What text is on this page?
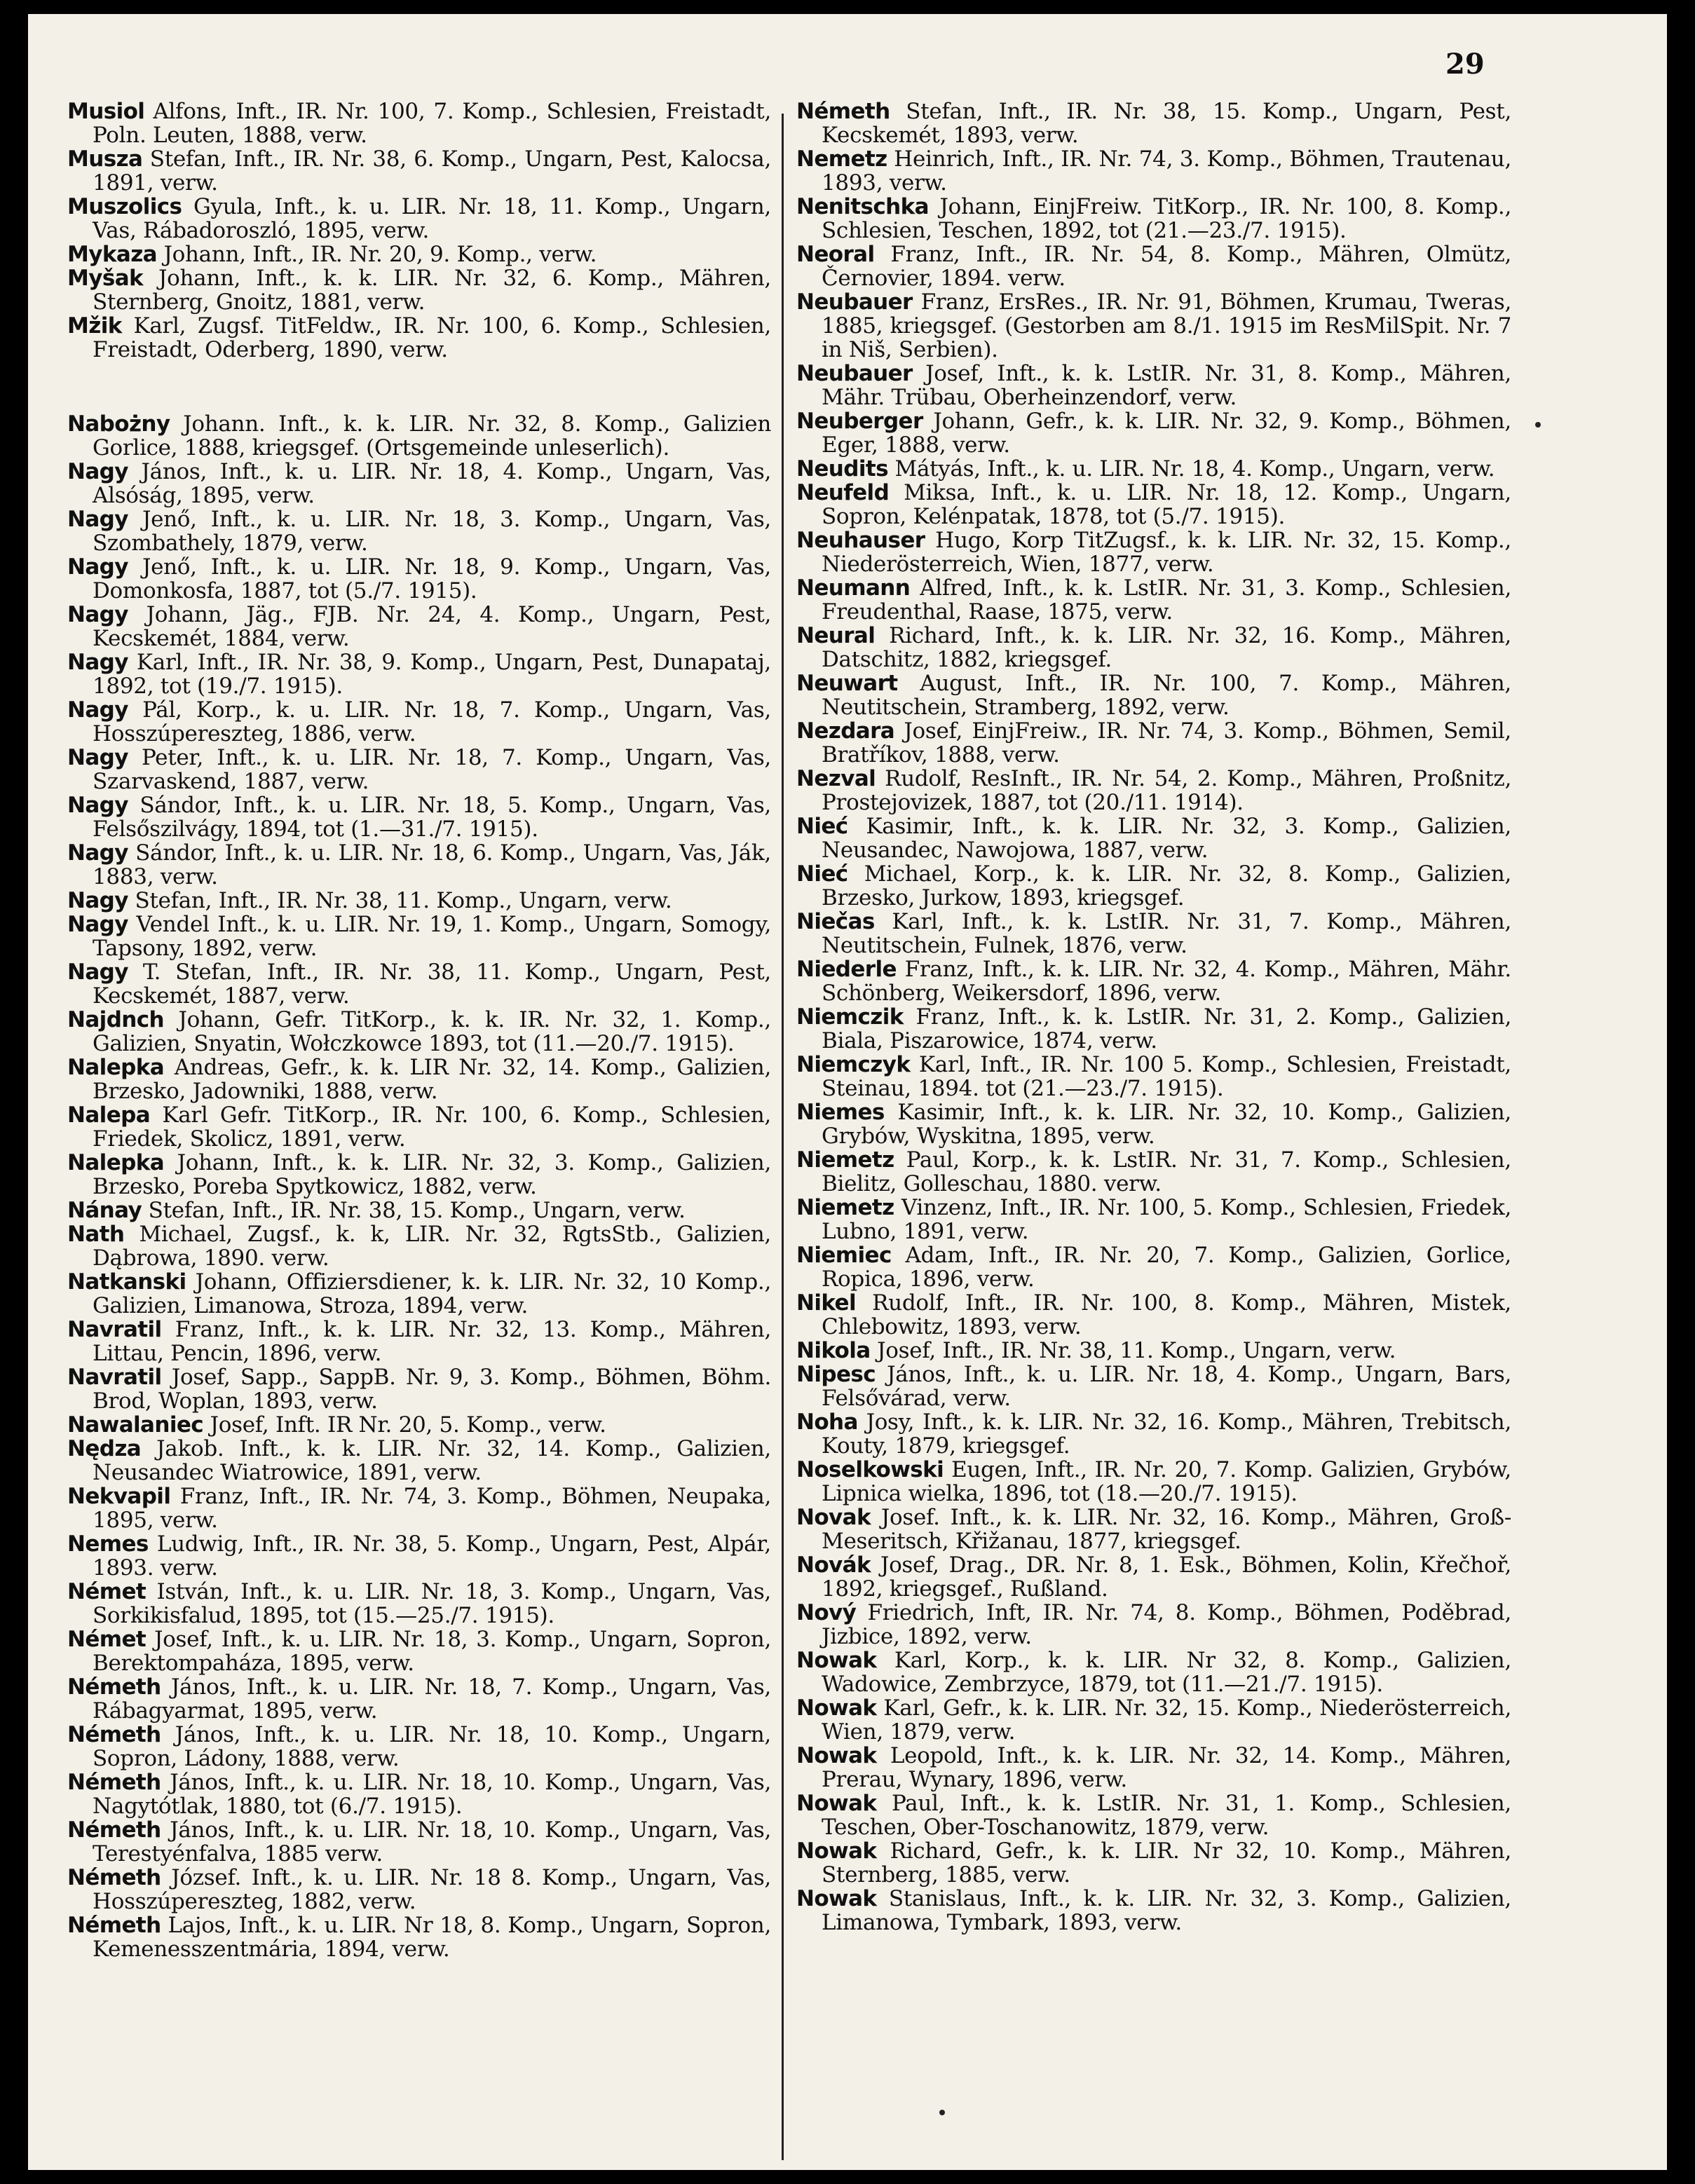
29
Musiol Alfons, Inft., IR. Nr. 100, 7. Komp., Schlesien, Freistadt, Poln. Leuten, 1888, verw.
Musza Stefan, Inft., IR. Nr. 38, 6. Komp., Ungarn, Pest, Kalocsa, 1891, verw.
Muszolics Gyula, Inft., k. u. LIR. Nr. 18, 11. Komp., Ungarn, Vas, Rábadoroszló, 1895, verw.
Mykaza Johann, Inft., IR. Nr. 20, 9. Komp., verw.
Myšak Johann, Inft., k. k. LIR. Nr. 32, 6. Komp., Mähren, Sternberg, Gnoitz, 1881, verw.
Mžik Karl, Zugsf. TitFeldw., IR. Nr. 100, 6. Komp., Schlesien, Freistadt, Oderberg, 1890, verw.
Nabożny Johann. Inft., k. k. LIR. Nr. 32, 8. Komp., Galizien Gorlice, 1888, kriegsgef. (Ortsgemeinde unleserlich).
Nagy János, Inft., k. u. LIR. Nr. 18, 4. Komp., Ungarn, Vas, Alsóság, 1895, verw.
Nagy Jenő, Inft., k. u. LIR. Nr. 18, 3. Komp., Ungarn, Vas, Szombathely, 1879, verw.
Nagy Jenő, Inft., k. u. LIR. Nr. 18, 9. Komp., Ungarn, Vas, Domonkosfa, 1887, tot (5./7. 1915).
Nagy Johann, Jäg., FJB. Nr. 24, 4. Komp., Ungarn, Pest, Kecskemét, 1884, verw.
Nagy Karl, Inft., IR. Nr. 38, 9. Komp., Ungarn, Pest, Dunapataj, 1892, tot (19./7. 1915).
Nagy Pál, Korp., k. u. LIR. Nr. 18, 7. Komp., Ungarn, Vas, Hosszúpereszteg, 1886, verw.
Nagy Peter, Inft., k. u. LIR. Nr. 18, 7. Komp., Ungarn, Vas, Szarvaskend, 1887, verw.
Nagy Sándor, Inft., k. u. LIR. Nr. 18, 5. Komp., Ungarn, Vas, Felsőszilvágy, 1894, tot (1.—31./7. 1915).
Nagy Sándor, Inft., k. u. LIR. Nr. 18, 6. Komp., Ungarn, Vas, Ják, 1883, verw.
Nagy Stefan, Inft., IR. Nr. 38, 11. Komp., Ungarn, verw.
Nagy Vendel Inft., k. u. LIR. Nr. 19, 1. Komp., Ungarn, Somogy, Tapsony, 1892, verw.
Nagy T. Stefan, Inft., IR. Nr. 38, 11. Komp., Ungarn, Pest, Kecskemét, 1887, verw.
Najdnch Johann, Gefr. TitKorp., k. k. IR. Nr. 32, 1. Komp., Galizien, Snyatin, Wołczkowce 1893, tot (11.—20./7. 1915).
Nalepka Andreas, Gefr., k. k. LIR Nr. 32, 14. Komp., Galizien, Brzesko, Jadowniki, 1888, verw.
Nalepa Karl Gefr. TitKorp., IR. Nr. 100, 6. Komp., Schlesien, Friedek, Skolicz, 1891, verw.
Nalepka Johann, Inft., k. k. LIR. Nr. 32, 3. Komp., Galizien, Brzesko, Poreba Spytkowicz, 1882, verw.
Nánay Stefan, Inft., IR. Nr. 38, 15. Komp., Ungarn, verw.
Nath Michael, Zugsf., k. k, LIR. Nr. 32, RgtsStb., Galizien, Dąbrowa, 1890. verw.
Natkanski Johann, Offiziersdiener, k. k. LIR. Nr. 32, 10 Komp., Galizien, Limanowa, Stroza, 1894, verw.
Navratil Franz, Inft., k. k. LIR. Nr. 32, 13. Komp., Mähren, Littau, Pencin, 1896, verw.
Navratil Josef, Sapp., SappB. Nr. 9, 3. Komp., Böhmen, Böhm. Brod, Woplan, 1893, verw.
Nawalaniec Josef, Inft. IR Nr. 20, 5. Komp., verw.
Nędza Jakob. Inft., k. k. LIR. Nr. 32, 14. Komp., Galizien, Neusandec Wiatrowice, 1891, verw.
Nekvapil Franz, Inft., IR. Nr. 74, 3. Komp., Böhmen, Neupaka, 1895, verw.
Nemes Ludwig, Inft., IR. Nr. 38, 5. Komp., Ungarn, Pest, Alpár, 1893. verw.
Német István, Inft., k. u. LIR. Nr. 18, 3. Komp., Ungarn, Vas, Sorkikisfalud, 1895, tot (15.—25./7. 1915).
Német Josef, Inft., k. u. LIR. Nr. 18, 3. Komp., Ungarn, Sopron, Berektompaháza, 1895, verw.
Németh János, Inft., k. u. LIR. Nr. 18, 7. Komp., Ungarn, Vas, Rábagyarmat, 1895, verw.
Németh János, Inft., k. u. LIR. Nr. 18, 10. Komp., Ungarn, Sopron, Ládony, 1888, verw.
Németh János, Inft., k. u. LIR. Nr. 18, 10. Komp., Ungarn, Vas, Nagytótlak, 1880, tot (6./7. 1915).
Németh János, Inft., k. u. LIR. Nr. 18, 10. Komp., Ungarn, Vas, Terestyénfalva, 1885 verw.
Németh József. Inft., k. u. LIR. Nr. 18 8. Komp., Ungarn, Vas, Hosszúpereszteg, 1882, verw.
Németh Lajos, Inft., k. u. LIR. Nr 18, 8. Komp., Ungarn, Sopron, Kemenesszentmária, 1894, verw.
Németh Stefan, Inft., IR. Nr. 38, 15. Komp., Ungarn, Pest, Kecskemét, 1893, verw.
Nemetz Heinrich, Inft., IR. Nr. 74, 3. Komp., Böhmen, Trautenau, 1893, verw.
Nenitschka Johann, EinjFreiw. TitKorp., IR. Nr. 100, 8. Komp., Schlesien, Teschen, 1892, tot (21.—23./7. 1915).
Neoral Franz, Inft., IR. Nr. 54, 8. Komp., Mähren, Olmütz, Černovier, 1894. verw.
Neubauer Franz, ErsRes., IR. Nr. 91, Böhmen, Krumau, Tweras, 1885, kriegsgef. (Gestorben am 8./1. 1915 im ResMilSpit. Nr. 7 in Niš, Serbien).
Neubauer Josef, Inft., k. k. LstIR. Nr. 31, 8. Komp., Mähren, Mähr. Trübau, Oberheinzendorf, verw.
Neuberger Johann, Gefr., k. k. LIR. Nr. 32, 9. Komp., Böhmen, Eger, 1888, verw.
Neudits Mátyás, Inft., k. u. LIR. Nr. 18, 4. Komp., Ungarn, verw.
Neufeld Miksa, Inft., k. u. LIR. Nr. 18, 12. Komp., Ungarn, Sopron, Kelénpatak, 1878, tot (5./7. 1915).
Neuhauser Hugo, Korp TitZugsf., k. k. LIR. Nr. 32, 15. Komp., Niederösterreich, Wien, 1877, verw.
Neumann Alfred, Inft., k. k. LstIR. Nr. 31, 3. Komp., Schlesien, Freudenthal, Raase, 1875, verw.
Neural Richard, Inft., k. k. LIR. Nr. 32, 16. Komp., Mähren, Datschitz, 1882, kriegsgef.
Neuwart August, Inft., IR. Nr. 100, 7. Komp., Mähren, Neutitschein, Stramberg, 1892, verw.
Nezdara Josef, EinjFreiw., IR. Nr. 74, 3. Komp., Böhmen, Semil, Bratříkov, 1888, verw.
Nezval Rudolf, ResInft., IR. Nr. 54, 2. Komp., Mähren, Proßnitz, Prostejovizek, 1887, tot (20./11. 1914).
Nieć Kasimir, Inft., k. k. LIR. Nr. 32, 3. Komp., Galizien, Neusandec, Nawojowa, 1887, verw.
Nieć Michael, Korp., k. k. LIR. Nr. 32, 8. Komp., Galizien, Brzesko, Jurkow, 1893, kriegsgef.
Niečas Karl, Inft., k. k. LstIR. Nr. 31, 7. Komp., Mähren, Neutitschein, Fulnek, 1876, verw.
Niederle Franz, Inft., k. k. LIR. Nr. 32, 4. Komp., Mähren, Mähr. Schönberg, Weikersdorf, 1896, verw.
Niemczik Franz, Inft., k. k. LstIR. Nr. 31, 2. Komp., Galizien, Biala, Piszarowice, 1874, verw.
Niemczyk Karl, Inft., IR. Nr. 100 5. Komp., Schlesien, Freistadt, Steinau, 1894. tot (21.—23./7. 1915).
Niemes Kasimir, Inft., k. k. LIR. Nr. 32, 10. Komp., Galizien, Grybów, Wyskitna, 1895, verw.
Niemetz Paul, Korp., k. k. LstIR. Nr. 31, 7. Komp., Schlesien, Bielitz, Golleschau, 1880. verw.
Niemetz Vinzenz, Inft., IR. Nr. 100, 5. Komp., Schlesien, Friedek, Lubno, 1891, verw.
Niemiec Adam, Inft., IR. Nr. 20, 7. Komp., Galizien, Gorlice, Ropica, 1896, verw.
Nikel Rudolf, Inft., IR. Nr. 100, 8. Komp., Mähren, Mistek, Chlebowitz, 1893, verw.
Nikola Josef, Inft., IR. Nr. 38, 11. Komp., Ungarn, verw.
Nipesc János, Inft., k. u. LIR. Nr. 18, 4. Komp., Ungarn, Bars, Felsővárad, verw.
Noha Josy, Inft., k. k. LIR. Nr. 32, 16. Komp., Mähren, Trebitsch, Kouty, 1879, kriegsgef.
Noselkowski Eugen, Inft., IR. Nr. 20, 7. Komp. Galizien, Grybów, Lipnica wielka, 1896, tot (18.—20./7. 1915).
Novak Josef. Inft., k. k. LIR. Nr. 32, 16. Komp., Mähren, Groß-Meseritsch, Křižanau, 1877, kriegsgef.
Novák Josef, Drag., DR. Nr. 8, 1. Esk., Böhmen, Kolin, Křečhoř, 1892, kriegsgef., Rußland.
Nový Friedrich, Inft, IR. Nr. 74, 8. Komp., Böhmen, Poděbrad, Jizbice, 1892, verw.
Nowak Karl, Korp., k. k. LIR. Nr 32, 8. Komp., Galizien, Wadowice, Zembrzyce, 1879, tot (11.—21./7. 1915).
Nowak Karl, Gefr., k. k. LIR. Nr. 32, 15. Komp., Niederösterreich, Wien, 1879, verw.
Nowak Leopold, Inft., k. k. LIR. Nr. 32, 14. Komp., Mähren, Prerau, Wynary, 1896, verw.
Nowak Paul, Inft., k. k. LstIR. Nr. 31, 1. Komp., Schlesien, Teschen, Ober-Toschanowitz, 1879, verw.
Nowak Richard, Gefr., k. k. LIR. Nr 32, 10. Komp., Mähren, Sternberg, 1885, verw.
Nowak Stanislaus, Inft., k. k. LIR. Nr. 32, 3. Komp., Galizien, Limanowa, Tymbark, 1893, verw.
